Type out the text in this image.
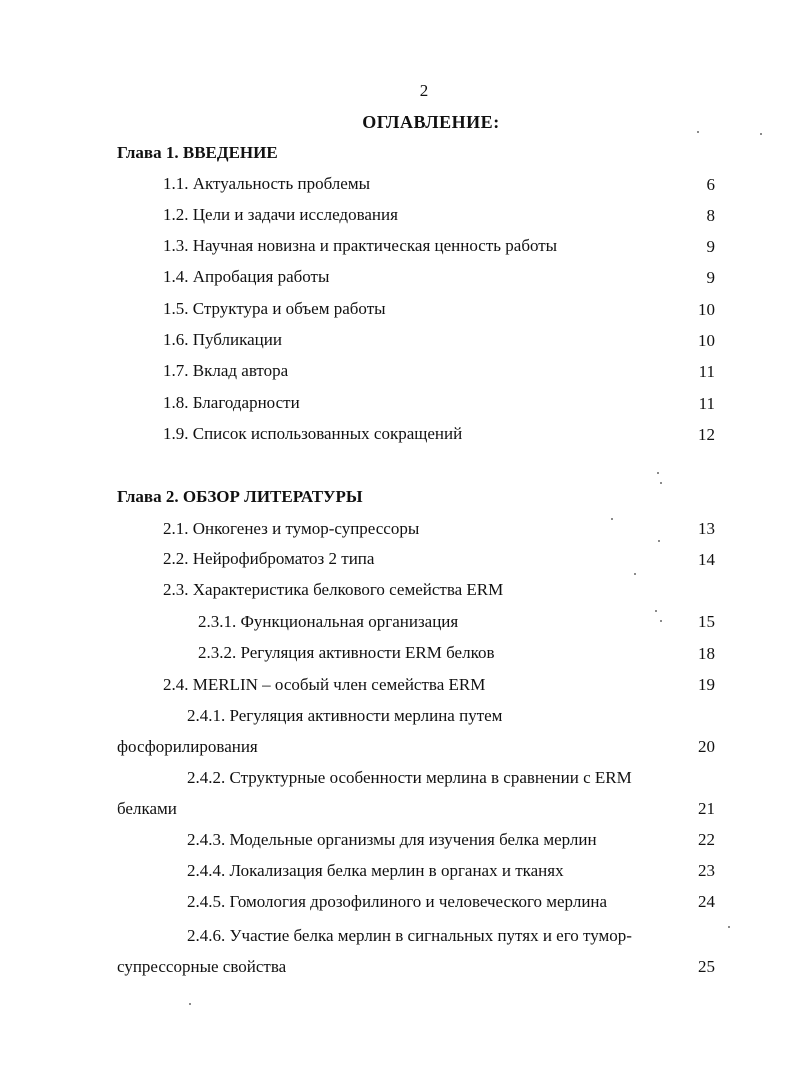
2
ОГЛАВЛЕНИЕ:
Глава 1. ВВЕДЕНИЕ
1.1. Актуальность проблемы	6
1.2. Цели и задачи исследования	8
1.3. Научная новизна и практическая ценность работы	9
1.4. Апробация работы	9
1.5. Структура и объем работы	10
1.6. Публикации	10
1.7. Вклад автора	11
1.8. Благодарности	11
1.9. Список использованных сокращений	12
Глава 2. ОБЗОР ЛИТЕРАТУРЫ
2.1. Онкогенез и тумор-супрессоры	13
2.2. Нейрофиброматоз 2 типа	14
2.3. Характеристика белкового семейства ERM
2.3.1. Функциональная организация	15
2.3.2. Регуляция активности ERM белков	18
2.4. MERLIN – особый член семейства ERM	19
2.4.1. Регуляция активности мерлина путем
фосфорилирования	20
2.4.2. Структурные особенности мерлина в сравнении с ERM
белками	21
2.4.3. Модельные организмы для изучения белка мерлин	22
2.4.4. Локализация белка мерлин в органах и тканях	23
2.4.5. Гомология дрозофилиного и человеческого мерлина	24
2.4.6. Участие белка мерлин в сигнальных путях и его тумор-
супрессорные свойства	25
